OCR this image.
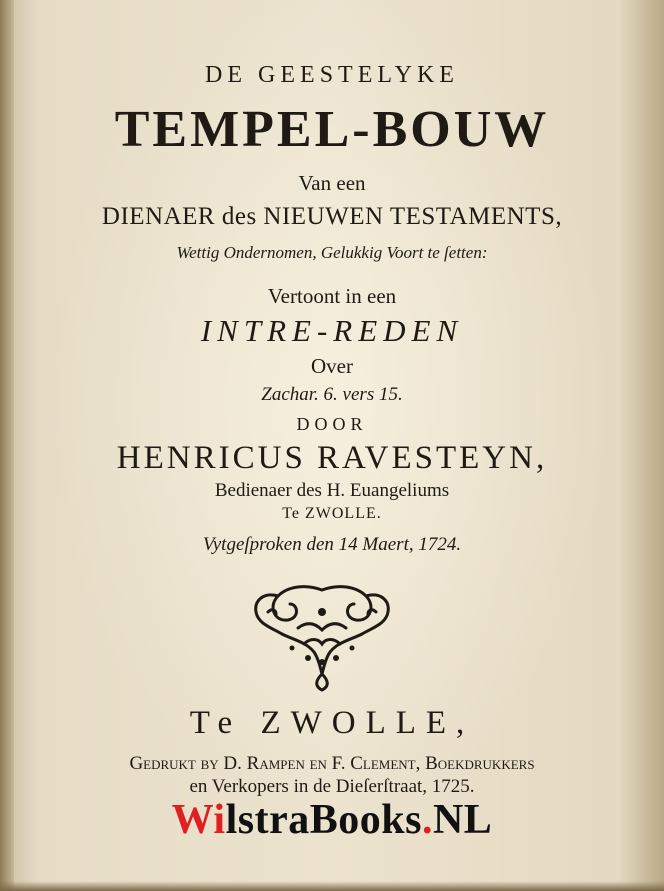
DE GEESTELYKE
TEMPEL-BOUW
Van een
DIENAER des NIEUWEN TESTAMENTS,
Wettig Ondernomen, Gelukkig Voort te ſetten:
Vertoont in een
INTRE-REDEN
Over
Zachar. 6. vers 15.
DOOR
HENRICUS RAVESTEYN,
Bedienaer des H. Euangeliums
Te ZWOLLE.
Vytgeſproken den 14 Maert, 1724.
Te ZWOLLE,
Gedrukt by D. Rampen en F. Clement, Boekdrukkers
en Verkopers in de Dieſerſtraat, 1725.
WilstraBooks.NL
